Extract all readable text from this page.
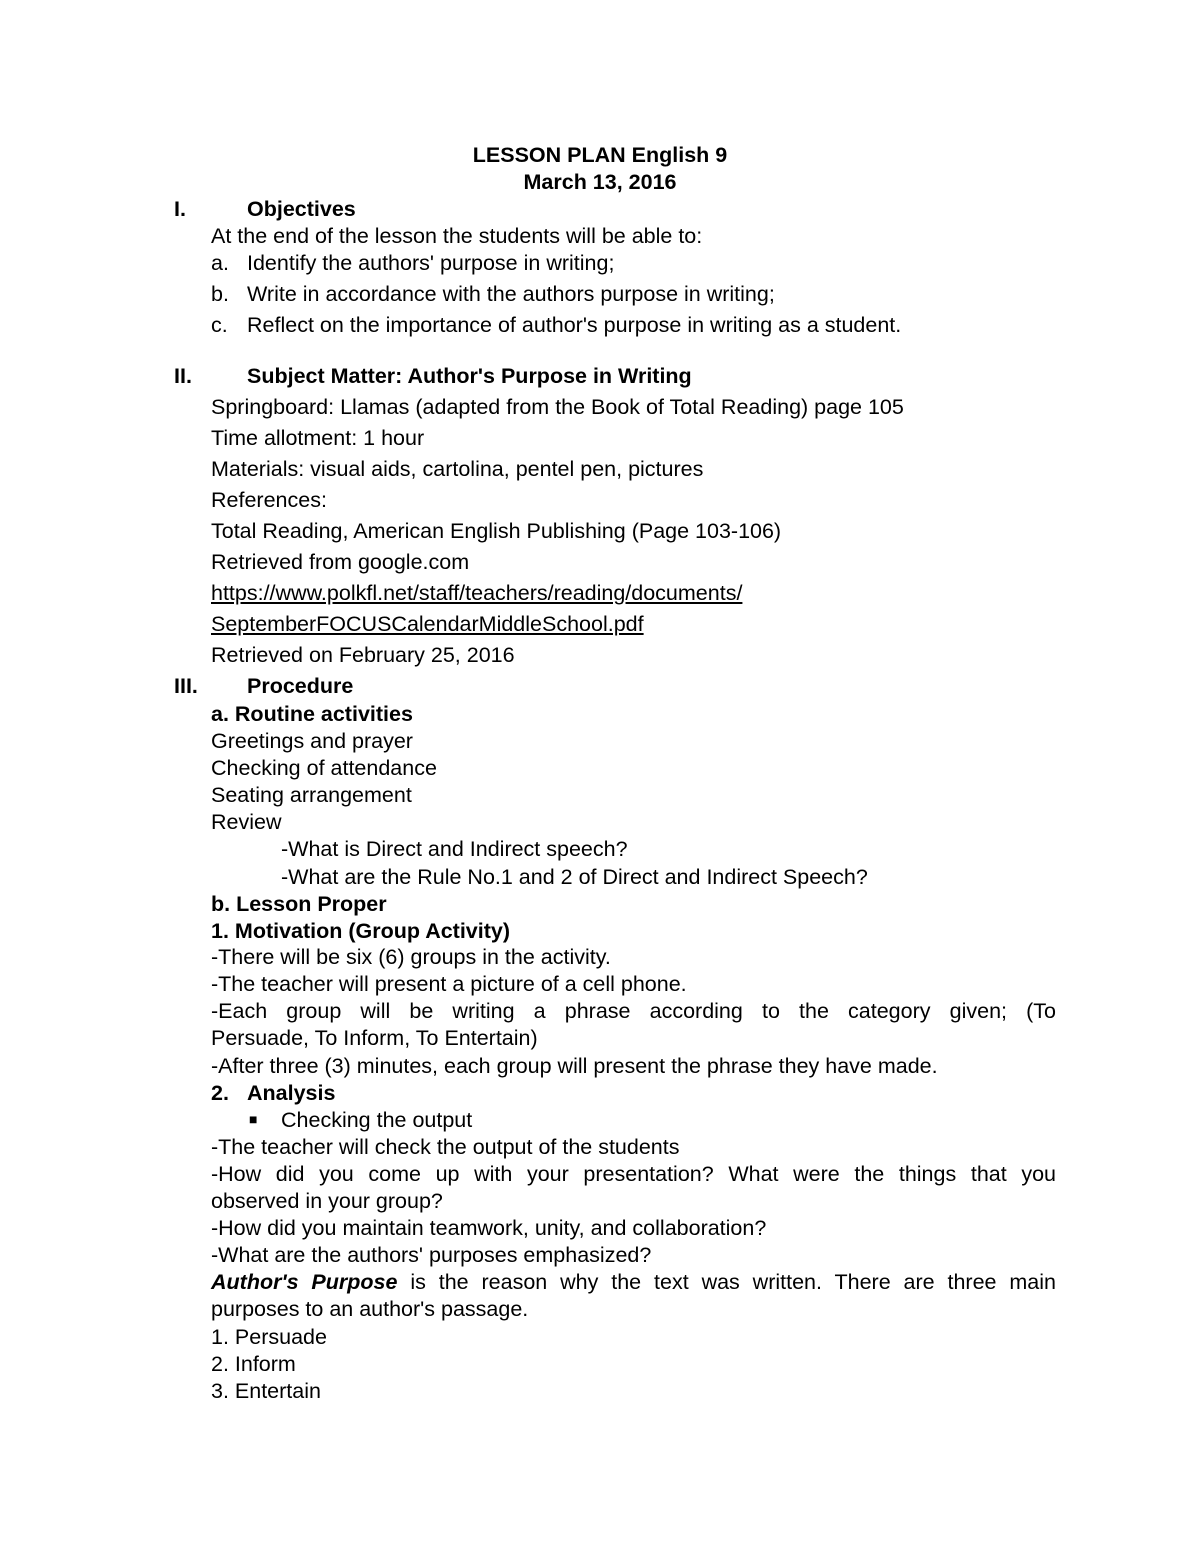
LESSON PLAN English 9
March 13, 2016
I.	Objectives
At the end of the lesson the students will be able to:
a. Identify the authors' purpose in writing;
b. Write in accordance with the authors purpose in writing;
c. Reflect on the importance of author's purpose in writing as a student.
II.	Subject Matter: Author's Purpose in Writing
Springboard: Llamas (adapted from the Book of Total Reading) page 105
Time allotment: 1 hour
Materials: visual aids, cartolina, pentel pen, pictures
References:
Total Reading, American English Publishing (Page 103-106)
Retrieved from google.com
https://www.polkfl.net/staff/teachers/reading/documents/
SeptemberFOCUSCalendarMiddleSchool.pdf
Retrieved on February 25, 2016
III. Procedure
a. Routine activities
Greetings and prayer
Checking of attendance
Seating arrangement
Review
-What is Direct and Indirect speech?
-What are the Rule No.1 and 2 of Direct and Indirect Speech?
b. Lesson Proper
1. Motivation (Group Activity)
-There will be six (6) groups in the activity.
-The teacher will present a picture of a cell phone.
-Each group will be writing a phrase according to the category given; (To
Persuade, To Inform, To Entertain)
-After three (3) minutes, each group will present the phrase they have made.
2. Analysis
■ Checking the output
-The teacher will check the output of the students
-How did you come up with your presentation? What were the things that you
observed in your group?
-How did you maintain teamwork, unity, and collaboration?
-What are the authors' purposes emphasized?
Author's Purpose is the reason why the text was written. There are three main
purposes to an author's passage.
1. Persuade
2. Inform
3. Entertain
